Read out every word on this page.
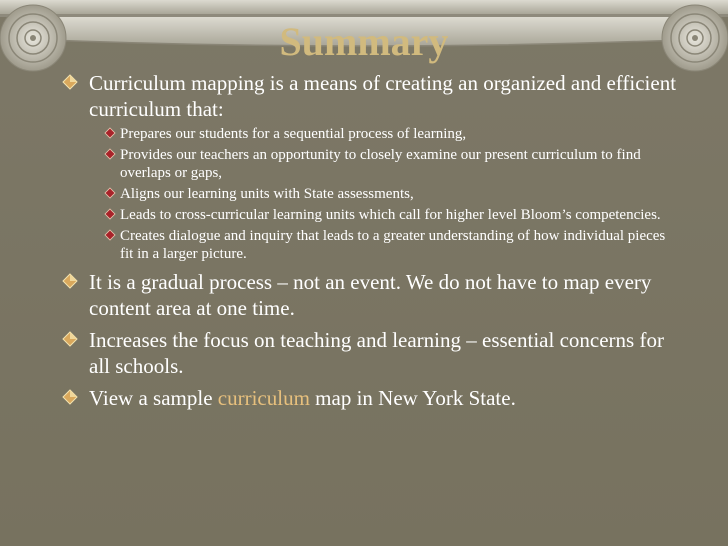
Summary
Curriculum mapping is a means of creating an organized and efficient curriculum that:
Prepares our students for a sequential process of learning,
Provides our teachers an opportunity to closely examine our present curriculum to find overlaps or gaps,
Aligns our learning units with State assessments,
Leads to cross-curricular learning units which call for higher level Bloom’s competencies.
Creates dialogue and inquiry that leads to a greater understanding of how individual pieces fit in a larger picture.
It is a gradual process – not an event. We do not have to map every content area at one time.
Increases the focus on teaching and learning – essential concerns for all schools.
View a sample curriculum map in New York State.
